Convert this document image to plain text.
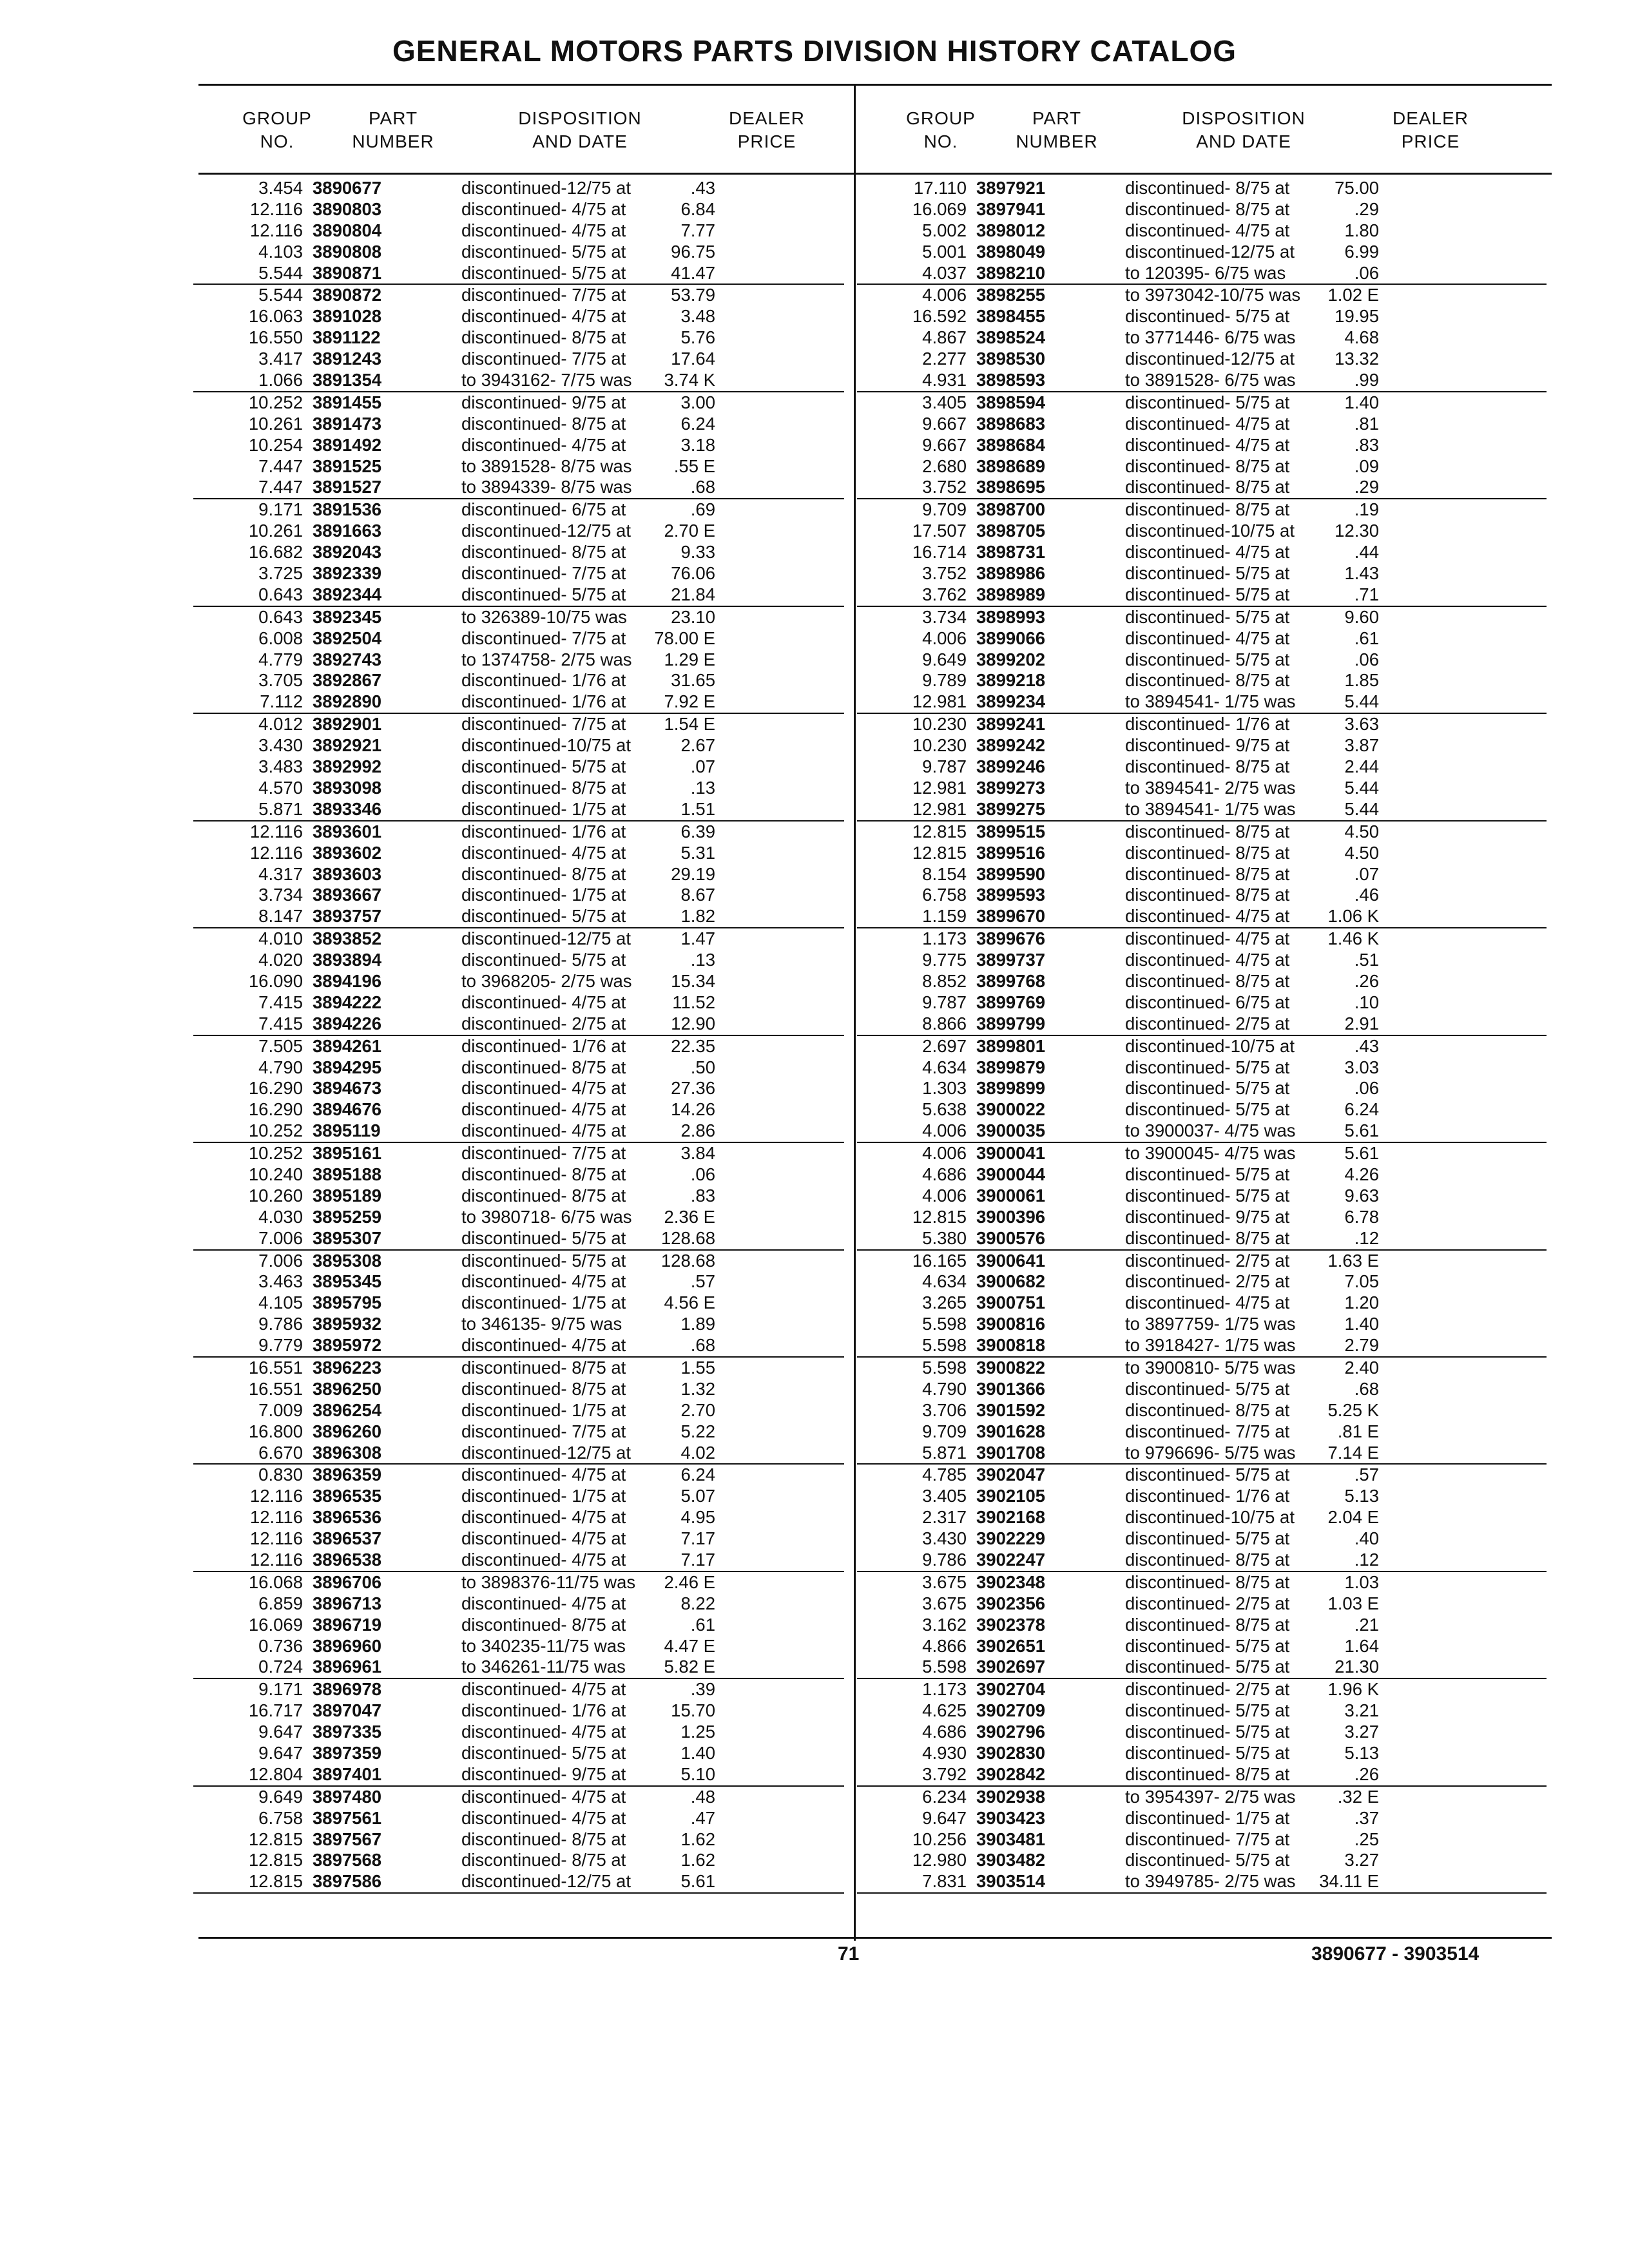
GENERAL MOTORS PARTS DIVISION HISTORY CATALOG
GROUP
NO.
PART
NUMBER
DISPOSITION
AND DATE
DEALER
PRICE
GROUP
NO.
PART
NUMBER
DISPOSITION
AND DATE
DEALER
PRICE
3.454 3890677	discontinued-12/75 at	.43
12.116 3890803	discontinued- 4/75 at	6.84
12.116 3890804	discontinued- 4/75 at	7.77
4.103 3890808	discontinued- 5/75 at	96.75
5.544 3890871	discontinued- 5/75 at	41.47
5.544 3890872	discontinued- 7/75 at	53.79
16.063 3891028	discontinued- 4/75 at	3.48
16.550 3891122	discontinued- 8/75 at	5.76
3.417 3891243	discontinued- 7/75 at	17.64
1.066 3891354	to 3943162- 7/75 was	3.74 K
10.252 3891455	discontinued- 9/75 at	3.00
10.261 3891473	discontinued- 8/75 at	6.24
10.254 3891492	discontinued- 4/75 at	3.18
7.447 3891525	to 3891528- 8/75 was	.55 E
7.447 3891527	to 3894339- 8/75 was	.68
9.171 3891536	discontinued- 6/75 at	.69
10.261 3891663	discontinued-12/75 at	2.70 E
16.682 3892043	discontinued- 8/75 at	9.33
3.725 3892339	discontinued- 7/75 at	76.06
0.643 3892344	discontinued- 5/75 at	21.84
0.643 3892345	to 326389-10/75 was	23.10
6.008 3892504	discontinued- 7/75 at	78.00 E
4.779 3892743	to 1374758- 2/75 was	1.29 E
3.705 3892867	discontinued- 1/76 at	31.65
7.112 3892890	discontinued- 1/76 at	7.92 E
4.012 3892901	discontinued- 7/75 at	1.54 E
3.430 3892921	discontinued-10/75 at	2.67
3.483 3892992	discontinued- 5/75 at	.07
4.570 3893098	discontinued- 8/75 at	.13
5.871 3893346	discontinued- 1/75 at	1.51
12.116 3893601	discontinued- 1/76 at	6.39
12.116 3893602	discontinued- 4/75 at	5.31
4.317 3893603	discontinued- 8/75 at	29.19
3.734 3893667	discontinued- 1/75 at	8.67
8.147 3893757	discontinued- 5/75 at	1.82
4.010 3893852	discontinued-12/75 at	1.47
4.020 3893894	discontinued- 5/75 at	.13
16.090 3894196	to 3968205- 2/75 was	15.34
7.415 3894222	discontinued- 4/75 at	11.52
7.415 3894226	discontinued- 2/75 at	12.90
7.505 3894261	discontinued- 1/76 at	22.35
4.790 3894295	discontinued- 8/75 at	.50
16.290 3894673	discontinued- 4/75 at	27.36
16.290 3894676	discontinued- 4/75 at	14.26
10.252 3895119	discontinued- 4/75 at	2.86
10.252 3895161	discontinued- 7/75 at	3.84
10.240 3895188	discontinued- 8/75 at	.06
10.260 3895189	discontinued- 8/75 at	.83
4.030 3895259	to 3980718- 6/75 was	2.36 E
7.006 3895307	discontinued- 5/75 at	128.68
7.006 3895308	discontinued- 5/75 at	128.68
3.463 3895345	discontinued- 4/75 at	.57
4.105 3895795	discontinued- 1/75 at	4.56 E
9.786 3895932	to 346135- 9/75 was	1.89
9.779 3895972	discontinued- 4/75 at	.68
16.551 3896223	discontinued- 8/75 at	1.55
16.551 3896250	discontinued- 8/75 at	1.32
7.009 3896254	discontinued- 1/75 at	2.70
16.800 3896260	discontinued- 7/75 at	5.22
6.670 3896308	discontinued-12/75 at	4.02
0.830 3896359	discontinued- 4/75 at	6.24
12.116 3896535	discontinued- 1/75 at	5.07
12.116 3896536	discontinued- 4/75 at	4.95
12.116 3896537	discontinued- 4/75 at	7.17
12.116 3896538	discontinued- 4/75 at	7.17
16.068 3896706	to 3898376-11/75 was	2.46 E
6.859 3896713	discontinued- 4/75 at	8.22
16.069 3896719	discontinued- 8/75 at	.61
0.736 3896960	to 340235-11/75 was	4.47 E
0.724 3896961	to 346261-11/75 was	5.82 E
9.171 3896978	discontinued- 4/75 at	.39
16.717 3897047	discontinued- 1/76 at	15.70
9.647 3897335	discontinued- 4/75 at	1.25
9.647 3897359	discontinued- 5/75 at	1.40
12.804 3897401	discontinued- 9/75 at	5.10
9.649 3897480	discontinued- 4/75 at	.48
6.758 3897561	discontinued- 4/75 at	.47
12.815 3897567	discontinued- 8/75 at	1.62
12.815 3897568	discontinued- 8/75 at	1.62
12.815 3897586	discontinued-12/75 at	5.61
17.110 3897921	discontinued- 8/75 at	75.00
16.069 3897941	discontinued- 8/75 at	.29
5.002 3898012	discontinued- 4/75 at	1.80
5.001 3898049	discontinued-12/75 at	6.99
4.037 3898210	to 120395- 6/75 was	.06
4.006 3898255	to 3973042-10/75 was	1.02 E
16.592 3898455	discontinued- 5/75 at	19.95
4.867 3898524	to 3771446- 6/75 was	4.68
2.277 3898530	discontinued-12/75 at	13.32
4.931 3898593	to 3891528- 6/75 was	.99
3.405 3898594	discontinued- 5/75 at	1.40
9.667 3898683	discontinued- 4/75 at	.81
9.667 3898684	discontinued- 4/75 at	.83
2.680 3898689	discontinued- 8/75 at	.09
3.752 3898695	discontinued- 8/75 at	.29
9.709 3898700	discontinued- 8/75 at	.19
17.507 3898705	discontinued-10/75 at	12.30
16.714 3898731	discontinued- 4/75 at	.44
3.752 3898986	discontinued- 5/75 at	1.43
3.762 3898989	discontinued- 5/75 at	.71
3.734 3898993	discontinued- 5/75 at	9.60
4.006 3899066	discontinued- 4/75 at	.61
9.649 3899202	discontinued- 5/75 at	.06
9.789 3899218	discontinued- 8/75 at	1.85
12.981 3899234	to 3894541- 1/75 was	5.44
10.230 3899241	discontinued- 1/76 at	3.63
10.230 3899242	discontinued- 9/75 at	3.87
9.787 3899246	discontinued- 8/75 at	2.44
12.981 3899273	to 3894541- 2/75 was	5.44
12.981 3899275	to 3894541- 1/75 was	5.44
12.815 3899515	discontinued- 8/75 at	4.50
12.815 3899516	discontinued- 8/75 at	4.50
8.154 3899590	discontinued- 8/75 at	.07
6.758 3899593	discontinued- 8/75 at	.46
1.159 3899670	discontinued- 4/75 at	1.06 K
1.173 3899676	discontinued- 4/75 at	1.46 K
9.775 3899737	discontinued- 4/75 at	.51
8.852 3899768	discontinued- 8/75 at	.26
9.787 3899769	discontinued- 6/75 at	.10
8.866 3899799	discontinued- 2/75 at	2.91
2.697 3899801	discontinued-10/75 at	.43
4.634 3899879	discontinued- 5/75 at	3.03
1.303 3899899	discontinued- 5/75 at	.06
5.638 3900022	discontinued- 5/75 at	6.24
4.006 3900035	to 3900037- 4/75 was	5.61
4.006 3900041	to 3900045- 4/75 was	5.61
4.686 3900044	discontinued- 5/75 at	4.26
4.006 3900061	discontinued- 5/75 at	9.63
12.815 3900396	discontinued- 9/75 at	6.78
5.380 3900576	discontinued- 8/75 at	.12
16.165 3900641	discontinued- 2/75 at	1.63 E
4.634 3900682	discontinued- 2/75 at	7.05
3.265 3900751	discontinued- 4/75 at	1.20
5.598 3900816	to 3897759- 1/75 was	1.40
5.598 3900818	to 3918427- 1/75 was	2.79
5.598 3900822	to 3900810- 5/75 was	2.40
4.790 3901366	discontinued- 5/75 at	.68
3.706 3901592	discontinued- 8/75 at	5.25 K
9.709 3901628	discontinued- 7/75 at	.81 E
5.871 3901708	to 9796696- 5/75 was	7.14 E
4.785 3902047	discontinued- 5/75 at	.57
3.405 3902105	discontinued- 1/76 at	5.13
2.317 3902168	discontinued-10/75 at	2.04 E
3.430 3902229	discontinued- 5/75 at	.40
9.786 3902247	discontinued- 8/75 at	.12
3.675 3902348	discontinued- 8/75 at	1.03
3.675 3902356	discontinued- 2/75 at	1.03 E
3.162 3902378	discontinued- 8/75 at	.21
4.866 3902651	discontinued- 5/75 at	1.64
5.598 3902697	discontinued- 5/75 at	21.30
1.173 3902704	discontinued- 2/75 at	1.96 K
4.625 3902709	discontinued- 5/75 at	3.21
4.686 3902796	discontinued- 5/75 at	3.27
4.930 3902830	discontinued- 5/75 at	5.13
3.792 3902842	discontinued- 8/75 at	.26
6.234 3902938	to 3954397- 2/75 was	.32 E
9.647 3903423	discontinued- 1/75 at	.37
10.256 3903481	discontinued- 7/75 at	.25
12.980 3903482	discontinued- 5/75 at	3.27
7.831 3903514	to 3949785- 2/75 was	34.11 E
71	3890677 - 3903514
